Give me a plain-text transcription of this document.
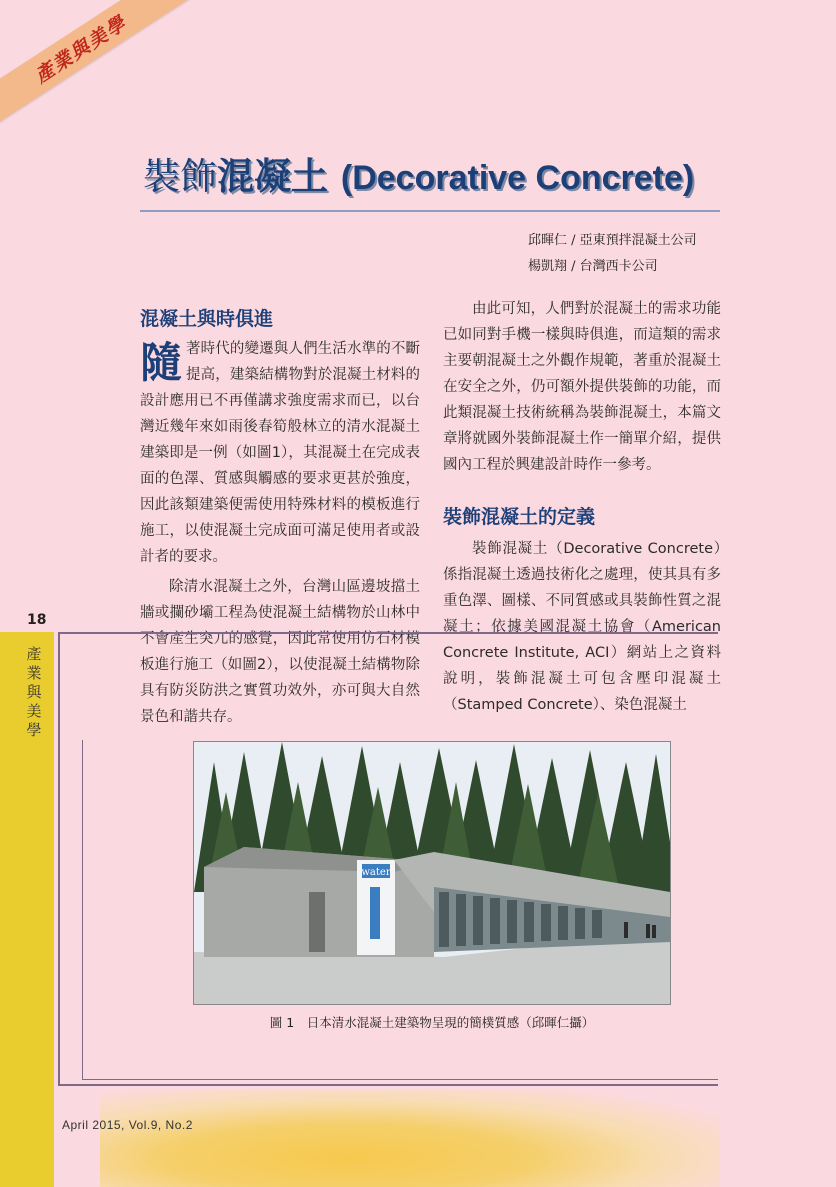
產業與美學
裝飾混凝土 (Decorative Concrete)
邱暉仁 / 亞東預拌混凝土公司
楊凱翔 / 台灣西卡公司
混凝土與時俱進

隨著時代的變遷與人們生活水準的不斷提高，建築結構物對於混凝土材料的設計應用已不再僅講求強度需求而已，以台灣近幾年來如雨後春筍般林立的清水混凝土建築即是一例（如圖1），其混凝土在完成表面的色澤、質感與觸感的要求更甚於強度，因此該類建築便需使用特殊材料的模板進行施工，以使混凝土完成面可滿足使用者或設計者的要求。

除清水混凝土之外，台灣山區邊坡擋土牆或攔砂壩工程為使混凝土結構物於山林中不會產生突兀的感覺，因此常使用仿石材模板進行施工（如圖2），以使混凝土結構物除具有防災防洪之實質功效外，亦可與大自然景色和諧共存。

由此可知，人們對於混凝土的需求功能已如同對手機一樣與時俱進，而這類的需求主要朝混凝土之外觀作規範，著重於混凝土在安全之外，仍可額外提供裝飾的功能，而此類混凝土技術統稱為裝飾混凝土，本篇文章將就國外裝飾混凝土作一簡單介紹，提供國內工程於興建設計時作一參考。

裝飾混凝土的定義

裝飾混凝土（Decorative Concrete）係指混凝土透過技術化之處理，使其具有多重色澤、圖樣、不同質感或具裝飾性質之混凝土；依據美國混凝土協會（American Concrete Institute, ACI）網站上之資料說明，裝飾混凝土可包含壓印混凝土（Stamped Concrete）、染色混凝土

18
產業與美學
water
圖 1　日本清水混凝土建築物呈現的簡樸質感（邱暉仁攝）
April 2015, Vol.9, No.2
